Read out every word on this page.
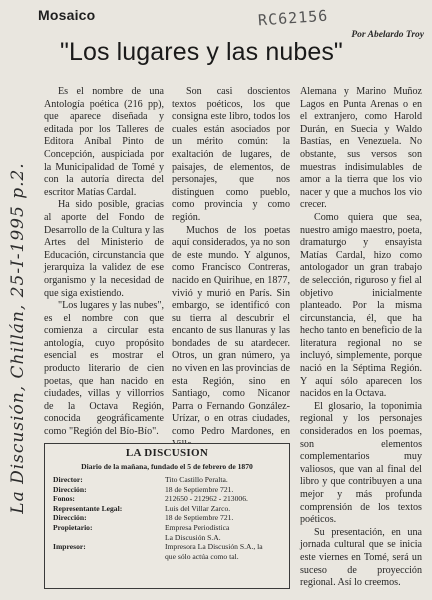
Mosaico	RC62156
Por Abelardo Troy
"Los lugares y las nubes"
La Discusión, Chillán, 25-I-1995 p.2.

Es el nombre de una Antología poética (216 pp), que aparece diseñada y editada por los Talleres de Editora Aníbal Pinto de Concepción, auspiciada por la Municipalidad de Tomé y con la autoría directa del escritor Matías Cardal.

Ha sido posible, gracias al aporte del Fondo de Desarrollo de la Cultura y las Artes del Ministerio de Educación, circunstancia que jerarquiza la validez de ese organismo y la necesidad de que siga existiendo.

"Los lugares y las nubes", es el nombre con que comienza a circular esta antología, cuyo propósito esencial es mostrar el producto literario de cien poetas, que han nacido en ciudades, villas y villorrios de la Octava Región, conocida geográficamente como "Región del Bío-Bío".

Son casi doscientos textos poéticos, los que consigna este libro, todos los cuales están asociados por un mérito común: la exaltación de lugares, de paisajes, de elementos, de personajes, que nos distinguen como pueblo, como provincia y como región.

Muchos de los poetas aquí considerados, ya no son de este mundo. Y algunos, como Francisco Contreras, nacido en Quirihue, en 1877, vivió y murió en París. Sin embargo, se identificó con su tierra al descubrir el encanto de sus llanuras y las bondades de su atardecer. Otros, un gran número, ya no viven en las provincias de esta Región, sino en Santiago, como Nicanor Parra o Fernando González-Urízar, o en otras ciudades, como Pedro Mardones, en

Alemana y Marino Muñoz Lagos en Punta Arenas o en el extranjero, como Harold Durán, en Suecia y Waldo Bastías, en Venezuela. No obstante, sus versos son muestras indisimulables de amor a la tierra que los vio nacer y que a muchos los vio crecer.

Como quiera que sea, nuestro amigo maestro, poeta, dramaturgo y ensayista Matías Cardal, hizo como antologador un gran trabajo de selección, riguroso y fiel al objetivo inicialmente planteado. Por la misma circunstancia, él, que ha hecho tanto en beneficio de la literatura regional no se incluyó, simplemente, porque nació en la Séptima Región. Y aquí sólo aparecen los nacidos en la Octava.

El glosario, la toponimia regional y los personajes considerados en los poemas, son elementos complementarios muy valiosos, que van al final del libro y que contribuyen a una mejor y más profunda comprensión de los textos poéticos.

Su presentación, en una jornada cultural que se inicia este viernes en Tomé, será un suceso de proyección regional. Así lo creemos.

LA DISCUSION
Diario de la mañana, fundado el 5 de febrero de 1870
Director:	Tito Castillo Peralta.
Dirección:	18 de Septiembre 721.
Fonos:	212650 - 212962 - 213006.
Representante Legal:	Luis del Villar Zarco.
Dirección:	18 de Septiembre 721.
Propietario:	Empresa Periodística
La Discusión S.A.
Impresor:	Impresora La Discusión S.A., la
que sólo actúa como tal.
